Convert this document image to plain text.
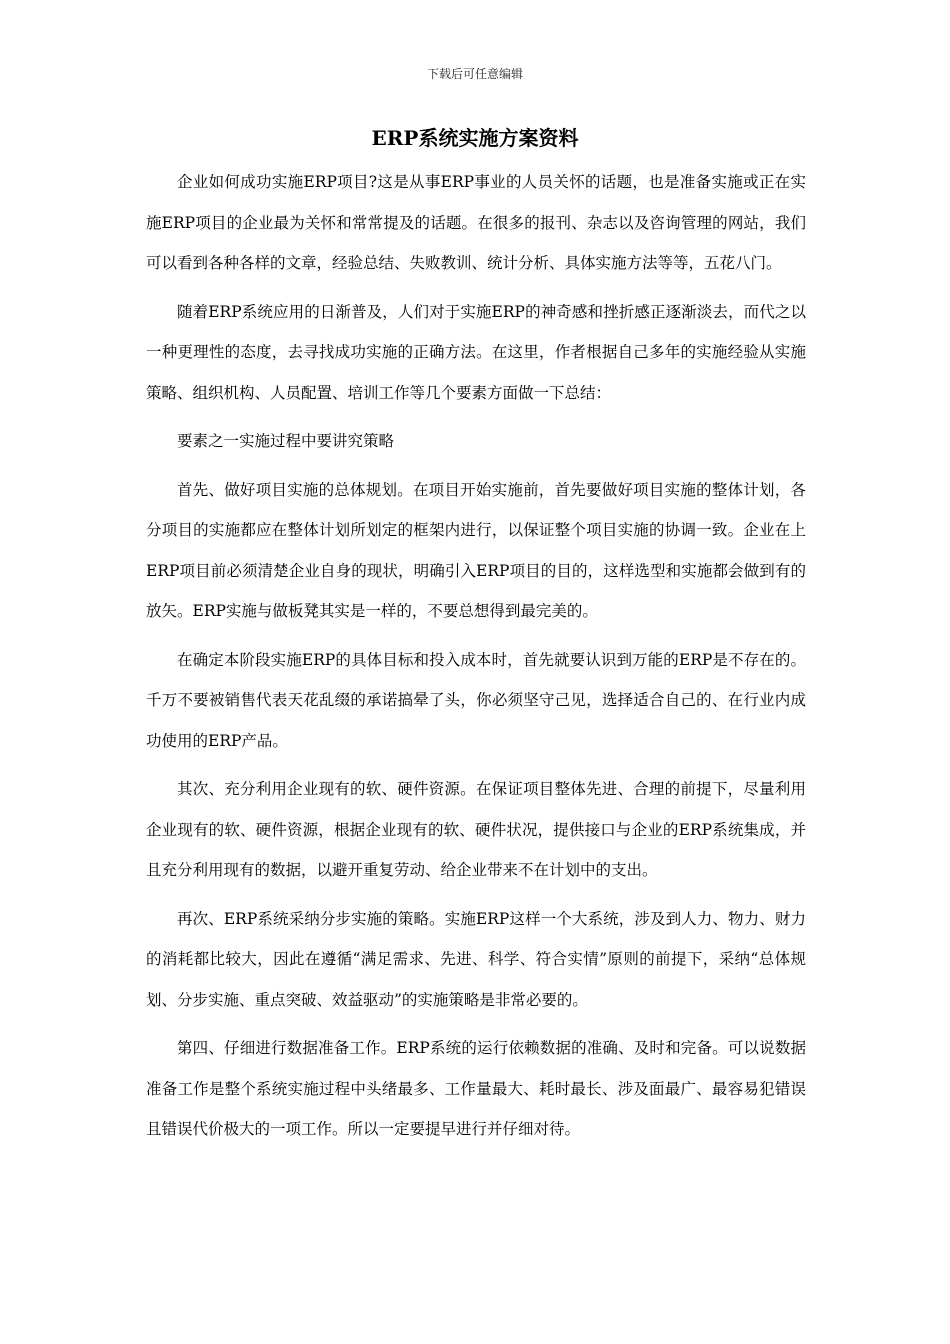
下载后可任意编辑
ERP系统实施方案资料

企业如何成功实施ERP项目?这是从事ERP事业的人员关怀的话题，也是准备实施或正在实施ERP项目的企业最为关怀和常常提及的话题。在很多的报刊、杂志以及咨询管理的网站，我们可以看到各种各样的文章，经验总结、失败教训、统计分析、具体实施方法等等，五花八门。

随着ERP系统应用的日渐普及，人们对于实施ERP的神奇感和挫折感正逐渐淡去，而代之以一种更理性的态度，去寻找成功实施的正确方法。在这里，作者根据自己多年的实施经验从实施策略、组织机构、人员配置、培训工作等几个要素方面做一下总结：

要素之一实施过程中要讲究策略

首先、做好项目实施的总体规划。在项目开始实施前，首先要做好项目实施的整体计划，各分项目的实施都应在整体计划所划定的框架内进行，以保证整个项目实施的协调一致。企业在上ERP项目前必须清楚企业自身的现状，明确引入ERP项目的目的，这样选型和实施都会做到有的放矢。ERP实施与做板凳其实是一样的，不要总想得到最完美的。

在确定本阶段实施ERP的具体目标和投入成本时，首先就要认识到万能的ERP是不存在的。千万不要被销售代表天花乱缀的承诺搞晕了头，你必须坚守己见，选择适合自己的、在行业内成功使用的ERP产品。

其次、充分利用企业现有的软、硬件资源。在保证项目整体先进、合理的前提下，尽量利用企业现有的软、硬件资源，根据企业现有的软、硬件状况，提供接口与企业的ERP系统集成，并且充分利用现有的数据，以避开重复劳动、给企业带来不在计划中的支出。

再次、ERP系统采纳分步实施的策略。实施ERP这样一个大系统，涉及到人力、物力、财力的消耗都比较大，因此在遵循“满足需求、先进、科学、符合实情”原则的前提下，采纳“总体规划、分步实施、重点突破、效益驱动”的实施策略是非常必要的。

第四、仔细进行数据准备工作。ERP系统的运行依赖数据的准确、及时和完备。可以说数据准备工作是整个系统实施过程中头绪最多、工作量最大、耗时最长、涉及面最广、最容易犯错误且错误代价极大的一项工作。所以一定要提早进行并仔细对待。
